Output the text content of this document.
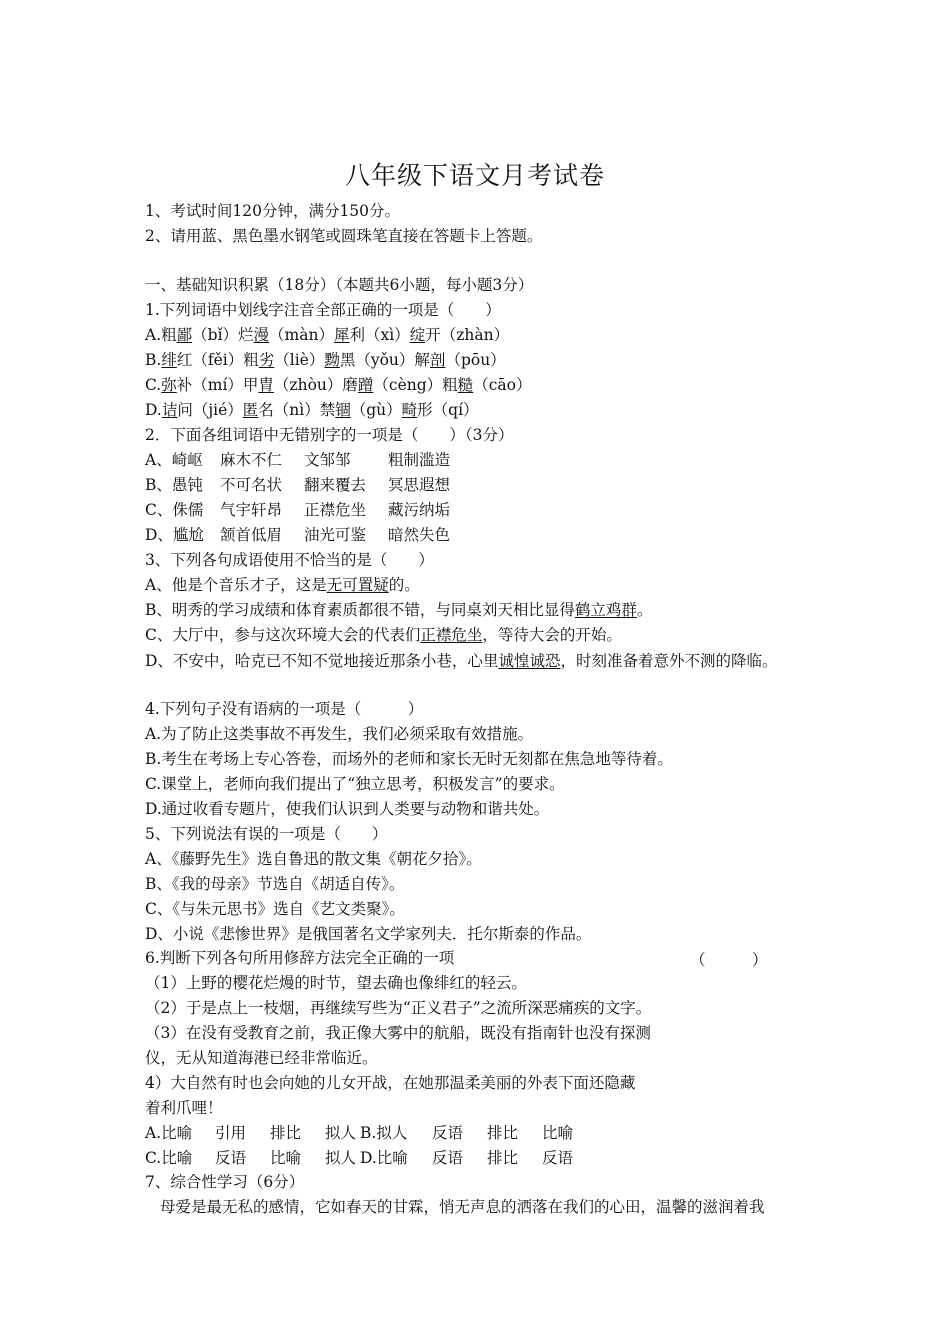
八年级下语文月考试卷
1、考试时间120分钟，满分150分。
2、请用蓝、黑色墨水钢笔或圆珠笔直接在答题卡上答题。
一、基础知识积累（18分）（本题共6小题，每小题3分）
1.下列词语中划线字注音全部正确的一项是（　　）
A.粗鄙（bǐ）烂漫（màn）犀利（xì）绽开（zhàn）
B.绯红（fěi）粗劣（liè）黝黑（yǒu）解剖（pōu）
C.弥补（mí）甲胄（zhòu）磨蹭（cèng）粗糙（cāo）
D.诘问（jié）匿名（nì）禁锢（gù）畸形（qí）
2．下面各组词语中无错别字的一项是（　　）（3分）
A、崎岖 麻木不仁 文邹邹 粗制滥造
B、愚钝 不可名状 翻来覆去 冥思遐想
C、侏儒 气宇轩昂 正襟危坐 藏污纳垢
D、尴尬 颔首低眉 油光可鉴 暗然失色
3、下列各句成语使用不恰当的是（　　）
A、他是个音乐才子，这是无可置疑的。
B、明秀的学习成绩和体育素质都很不错，与同桌刘天相比显得鹤立鸡群。
C、大厅中，参与这次环境大会的代表们正襟危坐，等待大会的开始。
D、不安中，哈克已不知不觉地接近那条小巷，心里诚惶诚恐，时刻准备着意外不测的降临。
4.下列句子没有语病的一项是（　　　）
A.为了防止这类事故不再发生，我们必须采取有效措施。
B.考生在考场上专心答卷，而场外的老师和家长无时无刻都在焦急地等待着。
C.课堂上，老师向我们提出了“独立思考，积极发言”的要求。
D.通过收看专题片，使我们认识到人类要与动物和谐共处。
5、下列说法有误的一项是（　　）
A、《藤野先生》选自鲁迅的散文集《朝花夕拾》。
B、《我的母亲》节选自《胡适自传》。
C、《与朱元思书》选自《艺文类聚》。
D、小说《悲惨世界》是俄国著名文学家列夫．托尔斯泰的作品。
6.判断下列各句所用修辞方法完全正确的一项	（　　　）
（1）上野的樱花烂熳的时节，望去确也像绯红的轻云。
（2）于是点上一枝烟，再继续写些为“正义君子”之流所深恶痛疾的文字。
（3）在没有受教育之前，我正像大雾中的航船，既没有指南针也没有探测
仪，无从知道海港已经非常临近。
4）大自然有时也会向她的儿女开战，在她那温柔美丽的外表下面还隐藏
着利爪哩！
A.比喻 引用 排比 拟人 B.拟人 反语 排比 比喻
C.比喻 反语 比喻 拟人 D.比喻 反语 排比 反语
7、综合性学习（6分）
母爱是最无私的感情，它如春天的甘霖，悄无声息的洒落在我们的心田，温馨的滋润着我
